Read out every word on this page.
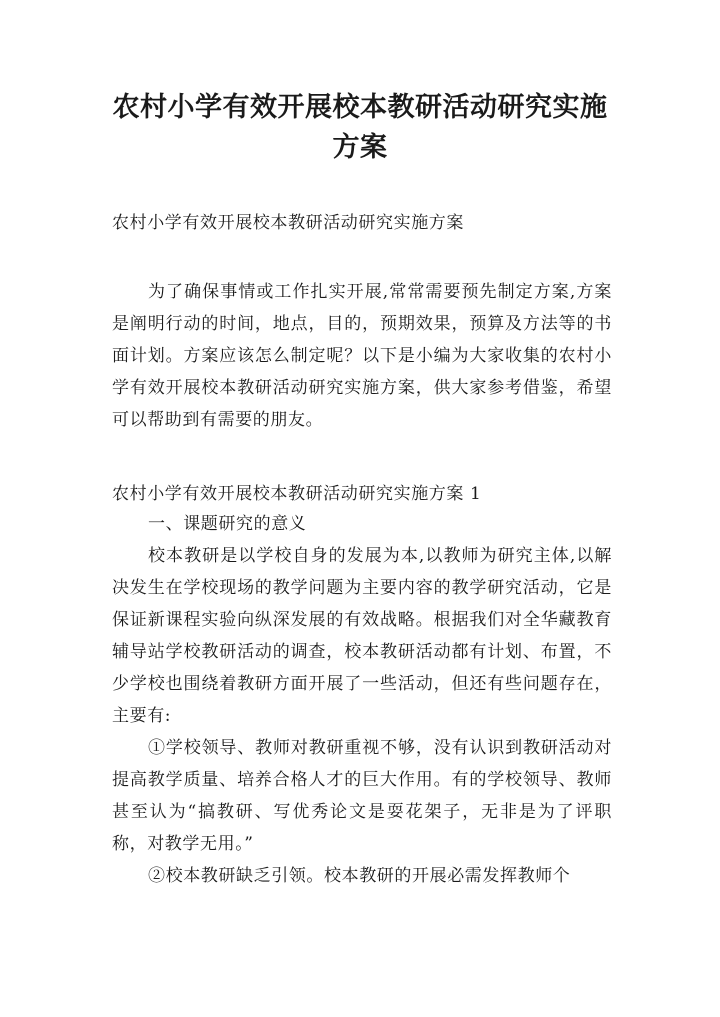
农村小学有效开展校本教研活动研究实施
方案
农村小学有效开展校本教研活动研究实施方案

为了确保事情或工作扎实开展,常常需要预先制定方案,方案是阐明行动的时间，地点，目的，预期效果，预算及方法等的书面计划。方案应该怎么制定呢？以下是小编为大家收集的农村小学有效开展校本教研活动研究实施方案，供大家参考借鉴，希望可以帮助到有需要的朋友。

农村小学有效开展校本教研活动研究实施方案 1

一、课题研究的意义

校本教研是以学校自身的发展为本,以教师为研究主体,以解决发生在学校现场的教学问题为主要内容的教学研究活动，它是保证新课程实验向纵深发展的有效战略。根据我们对全华藏教育辅导站学校教研活动的调查，校本教研活动都有计划、布置，不少学校也围绕着教研方面开展了一些活动，但还有些问题存在，主要有:

①学校领导、教师对教研重视不够，没有认识到教研活动对提高教学质量、培养合格人才的巨大作用。有的学校领导、教师甚至认为“搞教研、写优秀论文是耍花架子，无非是为了评职称，对教学无用。”

②校本教研缺乏引领。校本教研的开展必需发挥教师个
